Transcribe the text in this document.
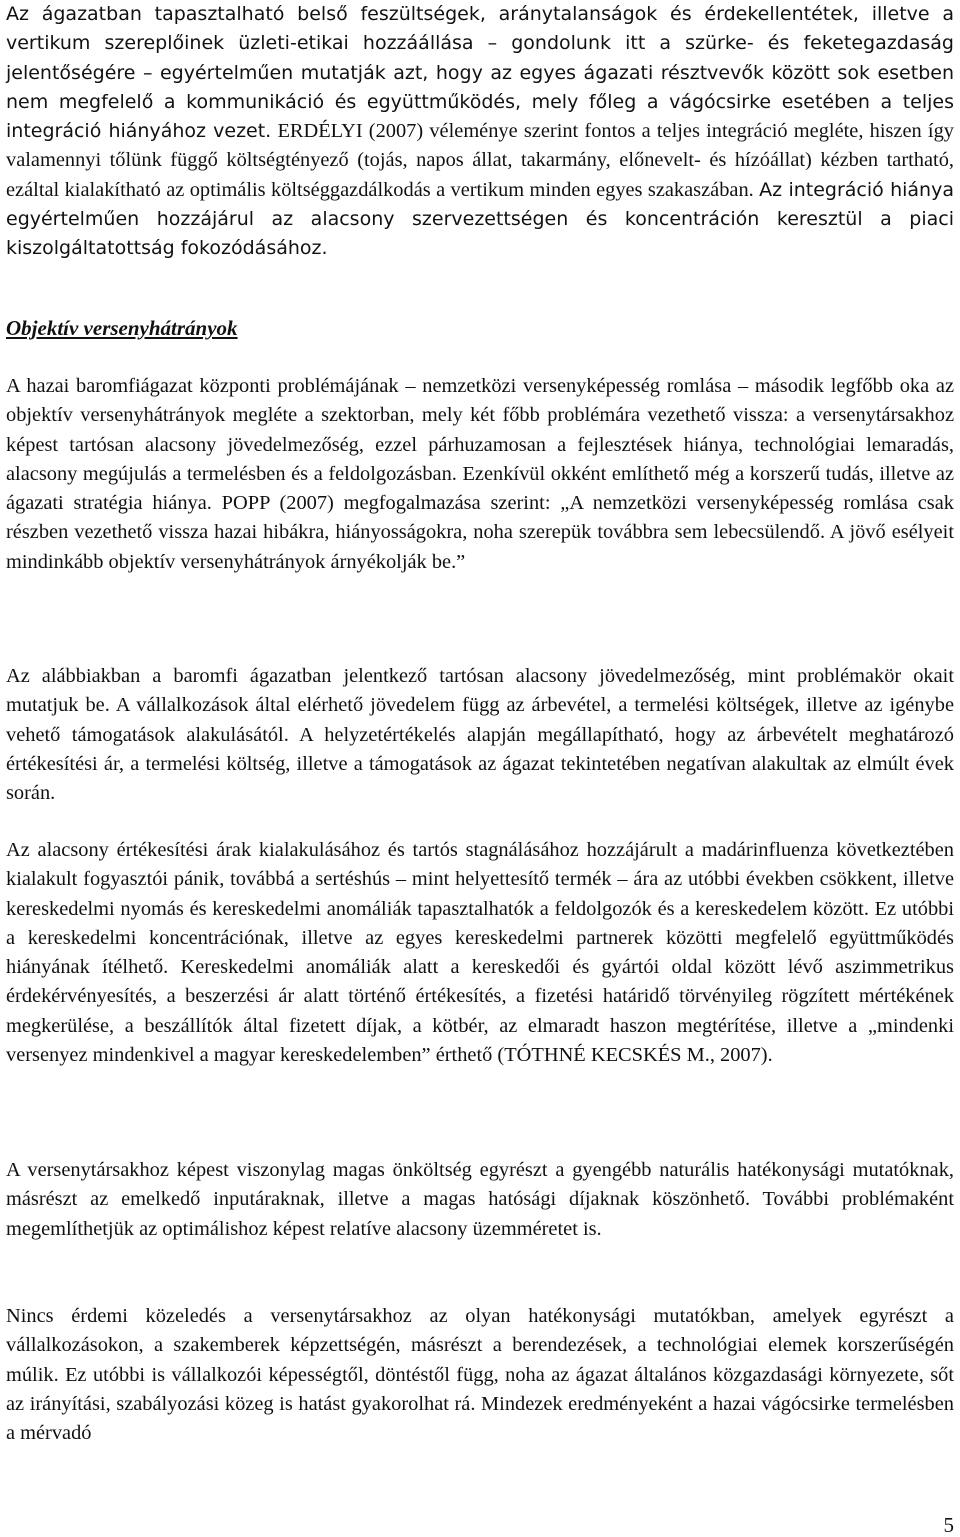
Az ágazatban tapasztalható belső feszültségek, aránytalanságok és érdekellentétek, illetve a vertikum szereplőinek üzleti-etikai hozzáállása – gondolunk itt a szürke- és feketegazdaság jelentőségére – egyértelműen mutatják azt, hogy az egyes ágazati résztvevők között sok esetben nem megfelelő a kommunikáció és együttműködés, mely főleg a vágócsirke esetében a teljes integráció hiányához vezet. ERDÉLYI (2007) véleménye szerint fontos a teljes integráció megléte, hiszen így valamennyi tőlünk függő költségtényező (tojás, napos állat, takarmány, előnevelt- és hízóállat) kézben tartható, ezáltal kialakítható az optimális költséggazdálkodás a vertikum minden egyes szakaszában. Az integráció hiánya egyértelműen hozzájárul az alacsony szervezettségen és koncentráción keresztül a piaci kiszolgáltatottság fokozódásához.

Objektív versenyhátrányok

A hazai baromfiágazat központi problémájának – nemzetközi versenyképesség romlása – második legfőbb oka az objektív versenyhátrányok megléte a szektorban, mely két főbb problémára vezethető vissza: a versenytársakhoz képest tartósan alacsony jövedelmezőség, ezzel párhuzamosan a fejlesztések hiánya, technológiai lemaradás, alacsony megújulás a termelésben és a feldolgozásban. Ezenkívül okként említhető még a korszerű tudás, illetve az ágazati stratégia hiánya. POPP (2007) megfogalmazása szerint: „A nemzetközi versenyképesség romlása csak részben vezethető vissza hazai hibákra, hiányosságokra, noha szerepük továbbra sem lebecsülendő. A jövő esélyeit mindinkább objektív versenyhátrányok árnyékolják be.”

Az alábbiakban a baromfi ágazatban jelentkező tartósan alacsony jövedelmezőség, mint problémakör okait mutatjuk be. A vállalkozások által elérhető jövedelem függ az árbevétel, a termelési költségek, illetve az igénybe vehető támogatások alakulásától. A helyzetértékelés alapján megállapítható, hogy az árbevételt meghatározó értékesítési ár, a termelési költség, illetve a támogatások az ágazat tekintetében negatívan alakultak az elmúlt évek során.

Az alacsony értékesítési árak kialakulásához és tartós stagnálásához hozzájárult a madárinfluenza következtében kialakult fogyasztói pánik, továbbá a sertéshús – mint helyettesítő termék – ára az utóbbi években csökkent, illetve kereskedelmi nyomás és kereskedelmi anomáliák tapasztalhatók a feldolgozók és a kereskedelem között. Ez utóbbi a kereskedelmi koncentrációnak, illetve az egyes kereskedelmi partnerek közötti megfelelő együttműködés hiányának ítélhető. Kereskedelmi anomáliák alatt a kereskedői és gyártói oldal között lévő aszimmetrikus érdekérvényesítés, a beszerzési ár alatt történő értékesítés, a fizetési határidő törvényileg rögzített mértékének megkerülése, a beszállítók által fizetett díjak, a kötbér, az elmaradt haszon megtérítése, illetve a „mindenki versenyez mindenkivel a magyar kereskedelemben” érthető (TÓTHNÉ KECSKÉS M., 2007).

A versenytársakhoz képest viszonylag magas önköltség egyrészt a gyengébb naturális hatékonysági mutatóknak, másrészt az emelkedő inputáraknak, illetve a magas hatósági díjaknak köszönhető. További problémaként megemlíthetjük az optimálishoz képest relatíve alacsony üzemméretet is.

Nincs érdemi közeledés a versenytársakhoz az olyan hatékonysági mutatókban, amelyek egyrészt a vállalkozásokon, a szakemberek képzettségén, másrészt a berendezések, a technológiai elemek korszerűségén múlik. Ez utóbbi is vállalkozói képességtől, döntéstől függ, noha az ágazat általános közgazdasági környezete, sőt az irányítási, szabályozási közeg is hatást gyakorolhat rá. Mindezek eredményeként a hazai vágócsirke termelésben a mérvadó

5
